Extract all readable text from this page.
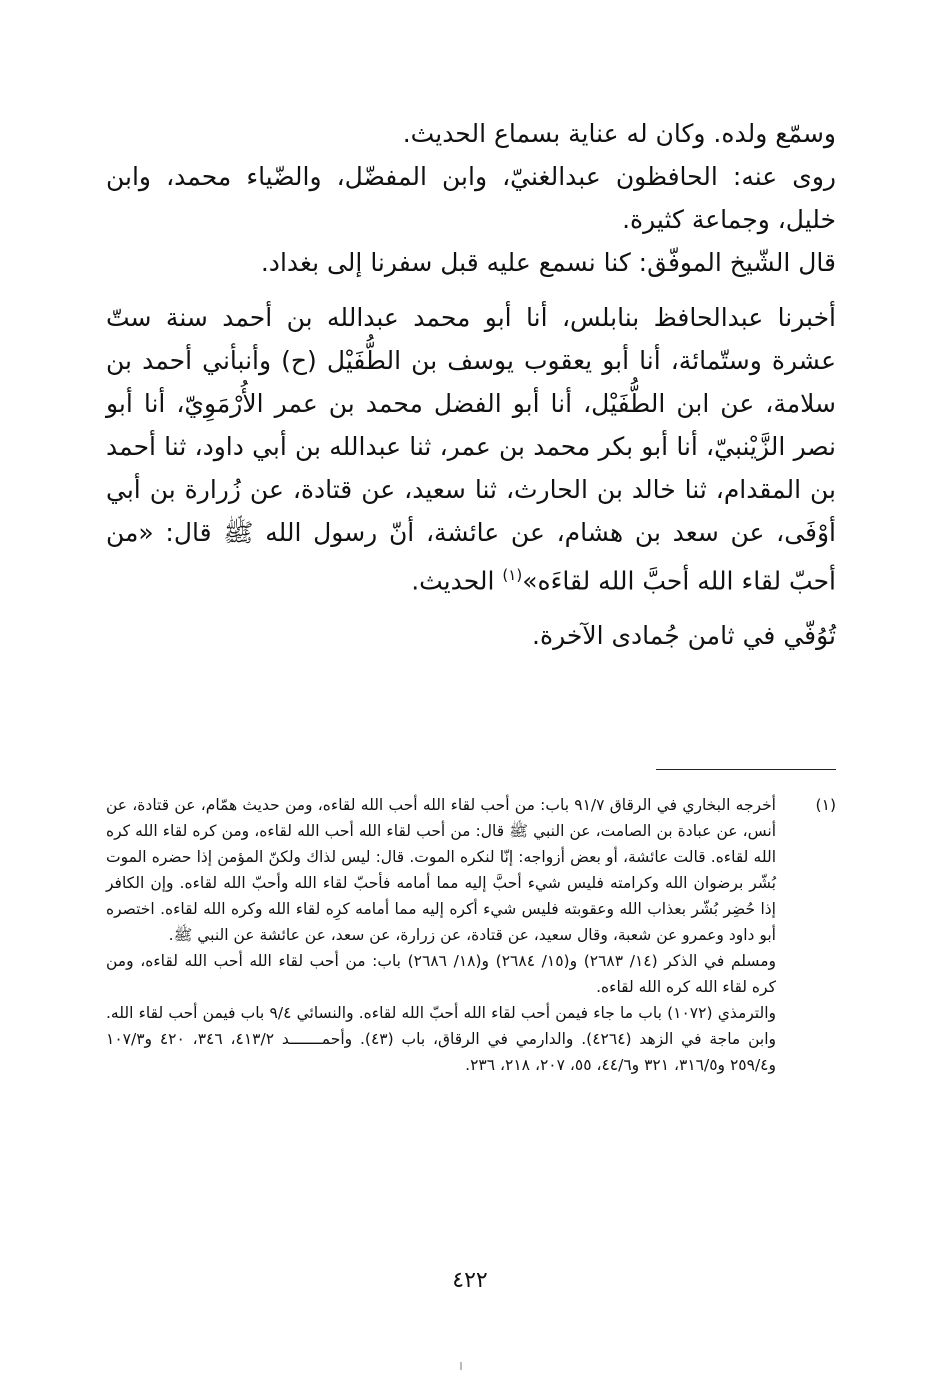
وسمّع ولده. وكان له عناية بسماع الحديث.

روى عنه: الحافظون عبدالغنيّ، وابن المفضّل، والضّياء محمد، وابن خليل، وجماعة كثيرة.

قال الشّيخ الموفّق: كنا نسمع عليه قبل سفرنا إلى بغداد.

أخبرنا عبدالحافظ بنابلس، أنا أبو محمد عبدالله بن أحمد سنة ستّ عشرة وستّمائة، أنا أبو يعقوب يوسف بن الطُّفَيْل (ح) وأنبأني أحمد بن سلامة، عن ابن الطُّفَيْل، أنا أبو الفضل محمد بن عمر الأُرْمَوِيّ، أنا أبو نصر الزَّيْنبيّ، أنا أبو بكر محمد بن عمر، ثنا عبدالله بن أبي داود، ثنا أحمد بن المقدام، ثنا خالد بن الحارث، ثنا سعيد، عن قتادة، عن زُرارة بن أبي أوْفَى، عن سعد بن هشام، عن عائشة، أنّ رسول الله ﷺ قال: «من أحبّ لقاء الله أحبَّ الله لقاءَه»$^{(١)}$ الحديث.

تُوُفّي في ثامن جُمادى الآخرة.

(١)

أخرجه البخاري في الرقاق ٩١/٧ باب: من أحب لقاء الله أحب الله لقاءه، ومن حديث همّام، عن قتادة، عن أنس، عن عبادة بن الصامت، عن النبي ﷺ قال: من أحب لقاء الله أحب الله لقاءه، ومن كره لقاء الله كره الله لقاءه. قالت عائشة، أو بعض أزواجه: إنّا لنكره الموت. قال: ليس لذاك ولكنّ المؤمن إذا حضره الموت بُشّر برضوان الله وكرامته فليس شيء أحبَّ إليه مما أمامه فأحبّ لقاء الله وأحبّ الله لقاءه. وإن الكافر إذا حُضِر بُشّر بعذاب الله وعقوبته فليس شيء أكره إليه مما أمامه كرِه لقاء الله وكره الله لقاءه. اختصره أبو داود وعمرو عن شعبة، وقال سعيد، عن قتادة، عن زرارة، عن سعد، عن عائشة عن النبي ﷺ.

ومسلم في الذكر (١٤/ ٢٦٨٣) و(١٥/ ٢٦٨٤) و(١٨/ ٢٦٨٦) باب: من أحب لقاء الله أحب الله لقاءه، ومن كره لقاء الله كره الله لقاءه.

والترمذي (١٠٧٢) باب ما جاء فيمن أحب لقاء الله أحبّ الله لقاءه. والنسائي ٩/٤ باب فيمن أحب لقاء الله. وابن ماجة في الزهد (٤٢٦٤). والدارمي في الرقاق، باب (٤٣). وأحمـــــــد ٤١٣/٢، ٣٤٦، ٤٢٠ و١٠٧/٣ و٢٥٩/٤ و٣١٦/٥، ٣٢١ و٤٤/٦، ٥٥، ٢٠٧، ٢١٨، ٢٣٦.

٤٢٢
